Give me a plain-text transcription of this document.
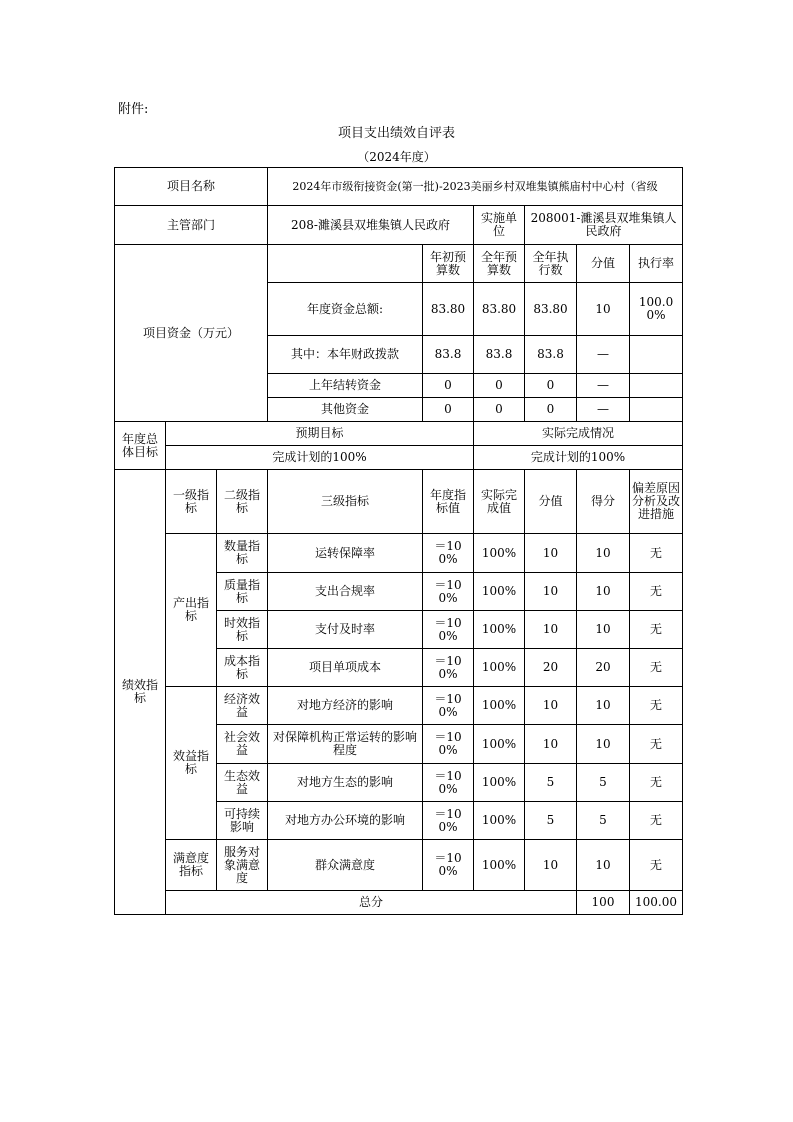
附件:
项目支出绩效自评表
（2024年度）
项目名称			2024年市级衔接资金(第一批)-2023美丽乡村双堆集镇熊庙村中心村（省级						
主管部门			208-濉溪县双堆集镇人民政府		实施单位	208001-濉溪县双堆集镇人民政府			
项目资金（万元）				年初预算数	全年预算数	全年执行数	分值	执行率	
			年度资金总额:	83.80	83.80	83.80	10	100.00%	
			其中：本年财政拨款	83.8	83.8	83.8	—		
			上年结转资金	0	0	0	—		
			其他资金	0	0	0	—		
年度总体目标	预期目标				实际完成情况				
	完成计划的100%				完成计划的100%				
绩效指标	一级指标	二级指标	三级指标	年度指标值	实际完成值	分值	得分	偏差原因分析及改进措施	
	产出指标	数量指标	运转保障率	＝100%	100%	10	10	无	
		质量指标	支出合规率	＝100%	100%	10	10	无	
		时效指标	支付及时率	＝100%	100%	10	10	无	
		成本指标	项目单项成本	＝100%	100%	20	20	无	
	效益指标	经济效益	对地方经济的影响	＝100%	100%	10	10	无	
		社会效益	对保障机构正常运转的影响程度	＝100%	100%	10	10	无	
		生态效益	对地方生态的影响	＝100%	100%	5	5	无	
		可持续影响	对地方办公环境的影响	＝100%	100%	5	5	无	
	满意度指标	服务对象满意度	群众满意度	＝100%	100%	10	10	无	
	总分						100	100.00	
